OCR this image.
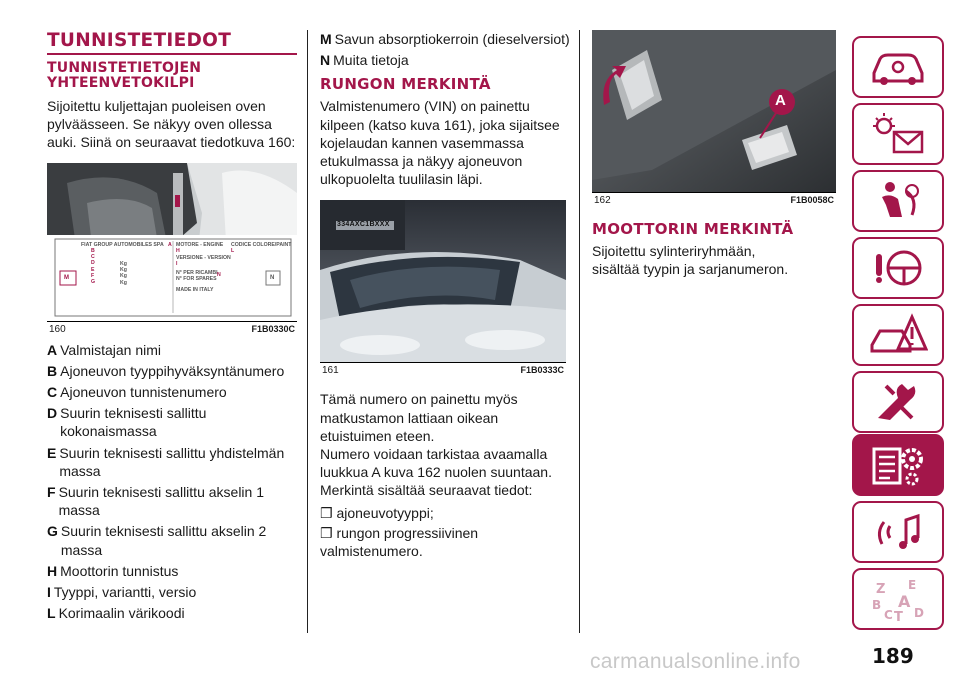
TUNNISTETIEDOT
TUNNISTETIETOJEN
YHTEENVETOKILPI

Sijoitettu kuljettajan puoleisen oven pylväässeen. Se näkyy oven ollessa auki. Siinä on seuraavat tiedotkuva 160:

FIAT GROUP AUTOMOBILES SPA A
B
C
D
E
F
G
Kg
Kg
Kg
Kg
M
MOTORE - ENGINE CODICE COLORE/PAINT
H	L
VERSIONE - VERSION
I
N° PER RICAMBI N
N° FOR SPARES
MADE IN ITALY
N
160	F1B0330C
A Valmistajan nimi
B Ajoneuvon tyyppihyväksyntänumero
C Ajoneuvon tunnistenumero
D Suurin teknisesti sallittu kokonaismassa
E Suurin teknisesti sallittu yhdistelmän massa
F Suurin teknisesti sallittu akselin 1 massa
G Suurin teknisesti sallittu akselin 2 massa
H Moottorin tunnistus
I Tyyppi, variantti, versio
L Korimaalin värikoodi
M Savun absorptiokerroin (dieselversiot)
N Muita tietoja
RUNGON MERKINTÄ

Valmistenumero (VIN) on painettu kilpeen (katso kuva 161), joka sijaitsee kojelaudan kannen vasemmassa etukulmassa ja näkyy ajoneuvon ulkopuolelta tuulilasin läpi.

334AXC1BXXX
161	F1B0333C

Tämä numero on painettu myös matkustamon lattiaan oikean etuistuimen eteen.

Numero voidaan tarkistaa avaamalla luukkua A kuva 162 nuolen suuntaan.

Merkintä sisältää seuraavat tiedot:

❒ ajoneuvotyyppi;
❒ rungon progressiivinen valmistenumero.
A
162	F1B0058C
MOOTTORIN MERKINTÄ

Sijoitettu sylinteriryhmään, sisältää tyypin ja sarjanumeron.

Z E
B A
C T D
carmanualsonline.info	189
